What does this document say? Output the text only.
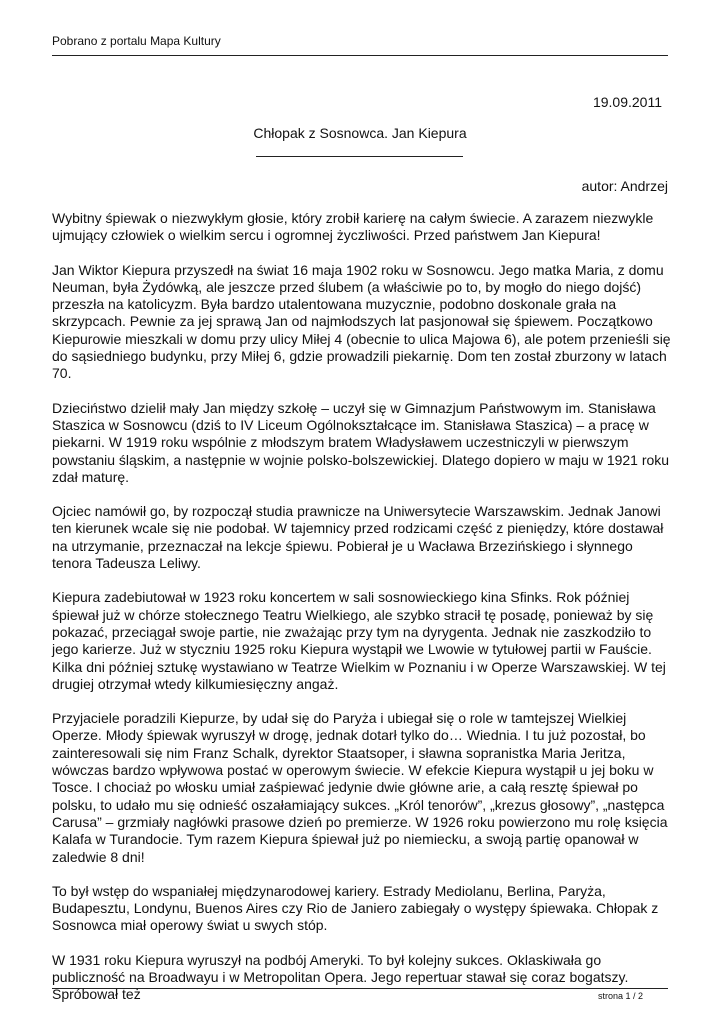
Pobrano z portalu Mapa Kultury
19.09.2011
Chłopak z Sosnowca. Jan Kiepura
autor: Andrzej

Wybitny śpiewak o niezwykłym głosie, który zrobił karierę na całym świecie. A zarazem niezwykle ujmujący człowiek o wielkim sercu i ogromnej życzliwości. Przed państwem Jan Kiepura!

Jan Wiktor Kiepura przyszedł na świat 16 maja 1902 roku w Sosnowcu. Jego matka Maria, z domu Neuman, była Żydówką, ale jeszcze przed ślubem (a właściwie po to, by mogło do niego dojść) przeszła na katolicyzm. Była bardzo utalentowana muzycznie, podobno doskonale grała na skrzypcach. Pewnie za jej sprawą Jan od najmłodszych lat pasjonował się śpiewem. Początkowo Kiepurowie mieszkali w domu przy ulicy Miłej 4 (obecnie to ulica Majowa 6), ale potem przenieśli się do sąsiedniego budynku, przy Miłej 6, gdzie prowadzili piekarnię. Dom ten został zburzony w latach 70.

Dzieciństwo dzielił mały Jan między szkołę – uczył się w Gimnazjum Państwowym im. Stanisława Staszica w Sosnowcu (dziś to IV Liceum Ogólnokształcące im. Stanisława Staszica) – a pracę w piekarni. W 1919 roku wspólnie z młodszym bratem Władysławem uczestniczyli w pierwszym powstaniu śląskim, a następnie w wojnie polsko-bolszewickiej. Dlatego dopiero w maju w 1921 roku zdał maturę.

Ojciec namówił go, by rozpoczął studia prawnicze na Uniwersytecie Warszawskim. Jednak Janowi ten kierunek wcale się nie podobał. W tajemnicy przed rodzicami część z pieniędzy, które dostawał na utrzymanie, przeznaczał na lekcje śpiewu. Pobierał je u Wacława Brzezińskiego i słynnego tenora Tadeusza Leliwy.

Kiepura zadebiutował w 1923 roku koncertem w sali sosnowieckiego kina Sfinks. Rok później śpiewał już w chórze stołecznego Teatru Wielkiego, ale szybko stracił tę posadę, ponieważ by się pokazać, przeciągał swoje partie, nie zważając przy tym na dyrygenta. Jednak nie zaszkodziło to jego karierze. Już w styczniu 1925 roku Kiepura wystąpił we Lwowie w tytułowej partii w Fauście. Kilka dni później sztukę wystawiano w Teatrze Wielkim w Poznaniu i w Operze Warszawskiej. W tej drugiej otrzymał wtedy kilkumiesięczny angaż.

Przyjaciele poradzili Kiepurze, by udał się do Paryża i ubiegał się o role w tamtejszej Wielkiej Operze. Młody śpiewak wyruszył w drogę, jednak dotarł tylko do… Wiednia. I tu już pozostał, bo zainteresowali się nim Franz Schalk, dyrektor Staatsoper, i sławna sopranistka Maria Jeritza, wówczas bardzo wpływowa postać w operowym świecie. W efekcie Kiepura wystąpił u jej boku w Tosce. I chociaż po włosku umiał zaśpiewać jedynie dwie główne arie, a całą resztę śpiewał po polsku, to udało mu się odnieść oszałamiający sukces. „Król tenorów”, „krezus głosowy”, „następca Carusa” – grzmiały nagłówki prasowe dzień po premierze. W 1926 roku powierzono mu rolę księcia Kalafa w Turandocie. Tym razem Kiepura śpiewał już po niemiecku, a swoją partię opanował w zaledwie 8 dni!

To był wstęp do wspaniałej międzynarodowej kariery. Estrady Mediolanu, Berlina, Paryża, Budapesztu, Londynu, Buenos Aires czy Rio de Janiero zabiegały o występy śpiewaka. Chłopak z Sosnowca miał operowy świat u swych stóp.

W 1931 roku Kiepura wyruszył na podbój Ameryki. To był kolejny sukces. Oklaskiwała go publiczność na Broadwayu i w Metropolitan Opera. Jego repertuar stawał się coraz bogatszy. Spróbował też	strona 1 / 2
